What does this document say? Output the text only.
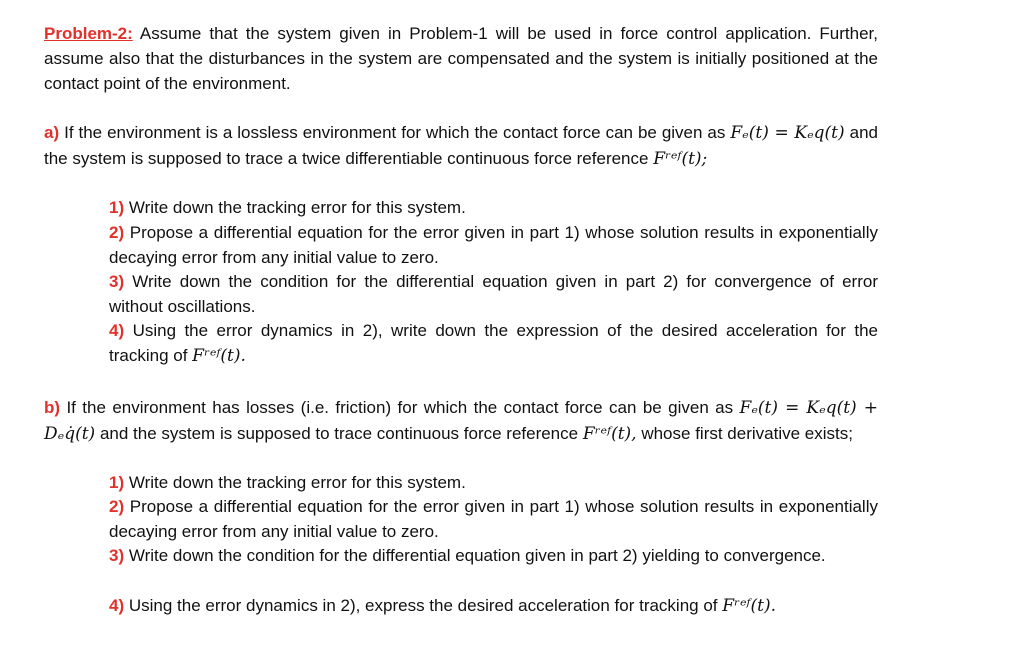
Problem-2: Assume that the system given in Problem-1 will be used in force control application. Further, assume also that the disturbances in the system are compensated and the system is initially positioned at the contact point of the environment.
a) If the environment is a lossless environment for which the contact force can be given as Fₑ(t) = Kₑq(t) and the system is supposed to trace a twice differentiable continuous force reference Fʳᵉᶠ(t);
1) Write down the tracking error for this system.
2) Propose a differential equation for the error given in part 1) whose solution results in exponentially decaying error from any initial value to zero.
3) Write down the condition for the differential equation given in part 2) for convergence of error without oscillations.
4) Using the error dynamics in 2), write down the expression of the desired acceleration for the tracking of Fʳᵉᶠ(t).
b) If the environment has losses (i.e. friction) for which the contact force can be given as Fₑ(t) = Kₑq(t) + Dₑq̇(t) and the system is supposed to trace continuous force reference Fʳᵉᶠ(t), whose first derivative exists;
1) Write down the tracking error for this system.
2) Propose a differential equation for the error given in part 1) whose solution results in exponentially decaying error from any initial value to zero.
3) Write down the condition for the differential equation given in part 2) yielding to convergence.
4) Using the error dynamics in 2), express the desired acceleration for tracking of Fʳᵉᶠ(t).
